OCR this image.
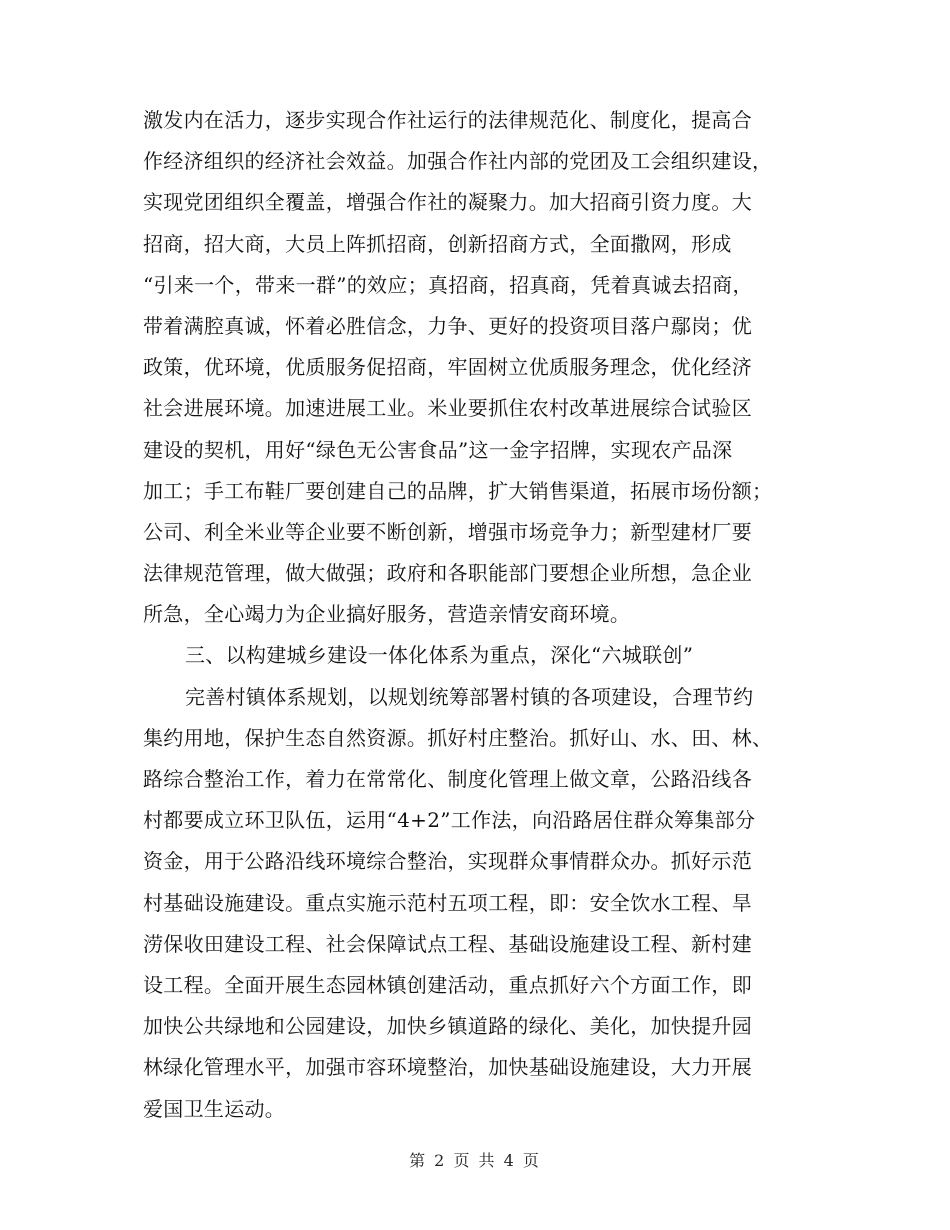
激发内在活力，逐步实现合作社运行的法律规范化、制度化，提高合
作经济组织的经济社会效益。加强合作社内部的党团及工会组织建设，
实现党团组织全覆盖，增强合作社的凝聚力。加大招商引资力度。大
招商，招大商，大员上阵抓招商，创新招商方式，全面撒网，形成
“引来一个，带来一群”的效应；真招商，招真商，凭着真诚去招商，
带着满腔真诚，怀着必胜信念，力争、更好的投资项目落户鄢岗；优
政策，优环境，优质服务促招商，牢固树立优质服务理念，优化经济
社会进展环境。加速进展工业。米业要抓住农村改革进展综合试验区
建设的契机，用好“绿色无公害食品”这一金字招牌，实现农产品深
加工；手工布鞋厂要创建自己的品牌，扩大销售渠道，拓展市场份额；
公司、利全米业等企业要不断创新，增强市场竞争力；新型建材厂要
法律规范管理，做大做强；政府和各职能部门要想企业所想，急企业
所急，全心竭力为企业搞好服务，营造亲情安商环境。
三、以构建城乡建设一体化体系为重点，深化“六城联创”
完善村镇体系规划，以规划统筹部署村镇的各项建设，合理节约
集约用地，保护生态自然资源。抓好村庄整治。抓好山、水、田、林、
路综合整治工作，着力在常常化、制度化管理上做文章，公路沿线各
村都要成立环卫队伍，运用“4+2”工作法，向沿路居住群众筹集部分
资金，用于公路沿线环境综合整治，实现群众事情群众办。抓好示范
村基础设施建设。重点实施示范村五项工程，即：安全饮水工程、旱
涝保收田建设工程、社会保障试点工程、基础设施建设工程、新村建
设工程。全面开展生态园林镇创建活动，重点抓好六个方面工作，即
加快公共绿地和公园建设，加快乡镇道路的绿化、美化，加快提升园
林绿化管理水平，加强市容环境整治，加快基础设施建设，大力开展
爱国卫生运动。
第 2 页 共 4 页
